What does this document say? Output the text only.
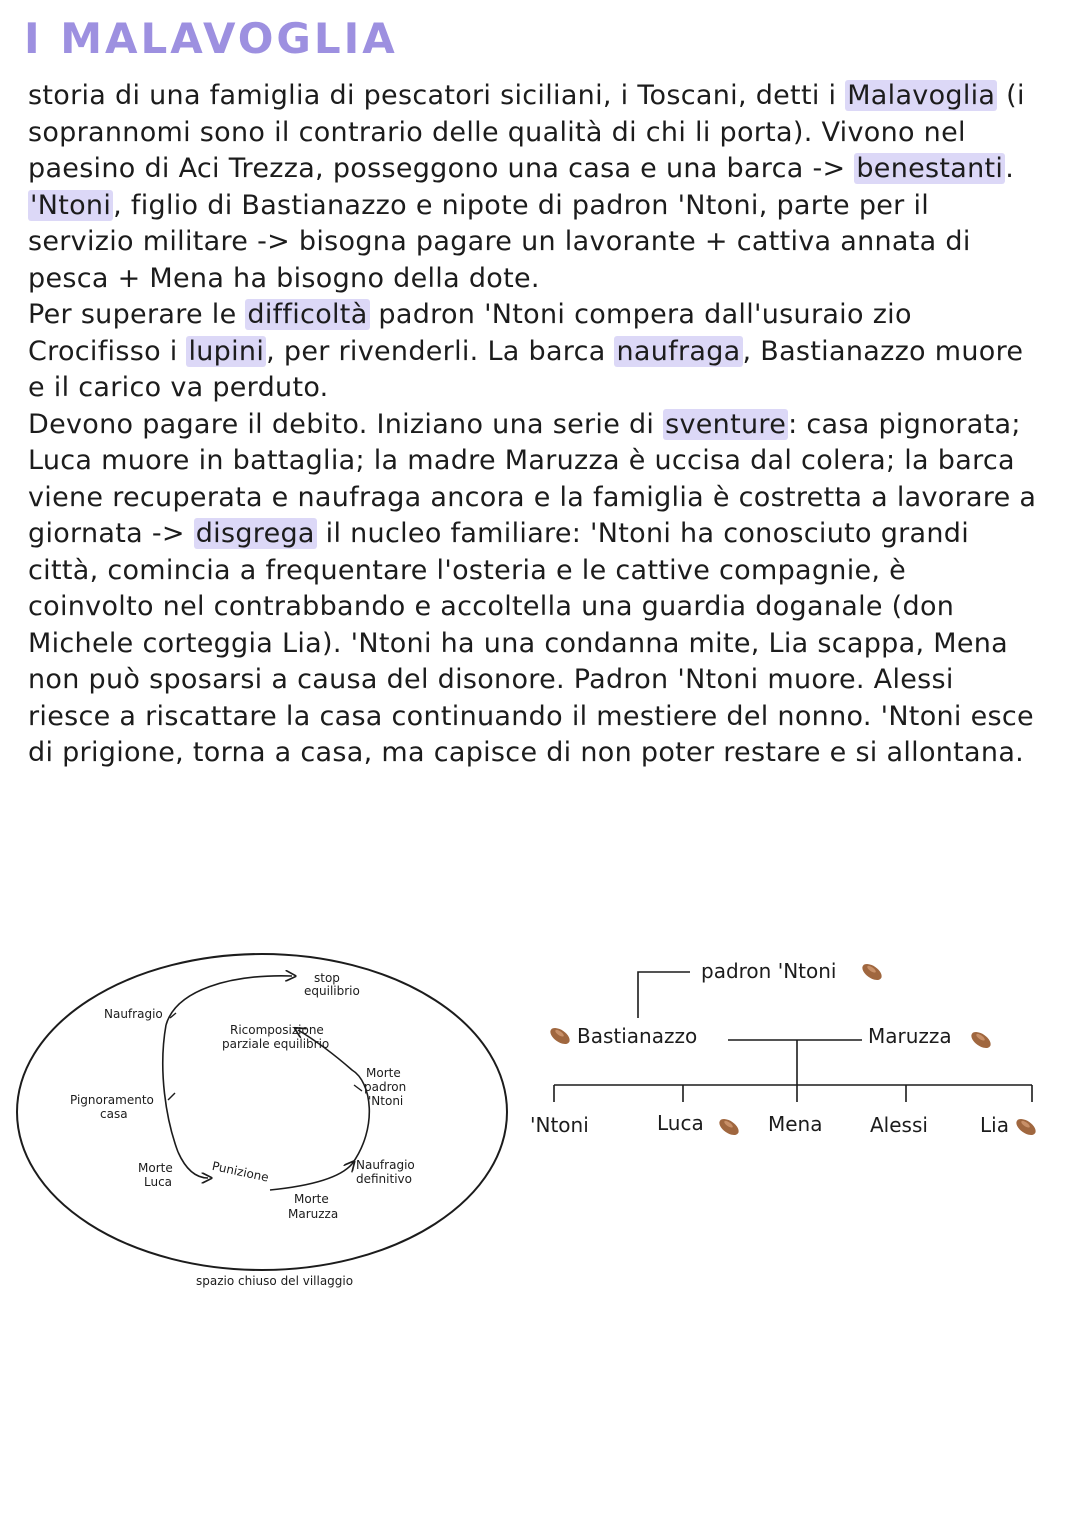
I MALAVOGLIA

storia di una famiglia di pescatori siciliani, i Toscani, detti i Malavoglia (i soprannomi sono il contrario delle qualità di chi li porta). Vivono nel paesino di Aci Trezza, posseggono una casa e una barca -> benestanti.

'Ntoni, figlio di Bastianazzo e nipote di padron 'Ntoni, parte per il servizio militare -> bisogna pagare un lavorante + cattiva annata di pesca + Mena ha bisogno della dote.

Per superare le difficoltà padron 'Ntoni compera dall'usuraio zio Crocifisso i lupini, per rivenderli. La barca naufraga, Bastianazzo muore e il carico va perduto.

Devono pagare il debito. Iniziano una serie di sventure: casa pignorata; Luca muore in battaglia; la madre Maruzza è uccisa dal colera; la barca viene recuperata e naufraga ancora e la famiglia è costretta a lavorare a giornata -> disgrega il nucleo familiare: 'Ntoni ha conosciuto grandi città, comincia a frequentare l'osteria e le cattive compagnie, è coinvolto nel contrabbando e accoltella una guardia doganale (don Michele corteggia Lia). 'Ntoni ha una condanna mite, Lia scappa, Mena non può sposarsi a causa del disonore. Padron 'Ntoni muore. Alessi riesce a riscattare la casa continuando il mestiere del nonno. 'Ntoni esce di prigione, torna a casa, ma capisce di non poter restare e si allontana.

stop
equilibrio
Naufragio
Ricomposizione
parziale equilibrio
Morte
padron
'Ntoni
Pignoramento
casa
Morte
Luca	Punizione	Naufragio
definitivo
Morte
Maruzza
spazio chiuso del villaggio
padron 'Ntoni
Bastianazzo	Maruzza
'Ntoni	Luca	Mena Alessi	Lia
